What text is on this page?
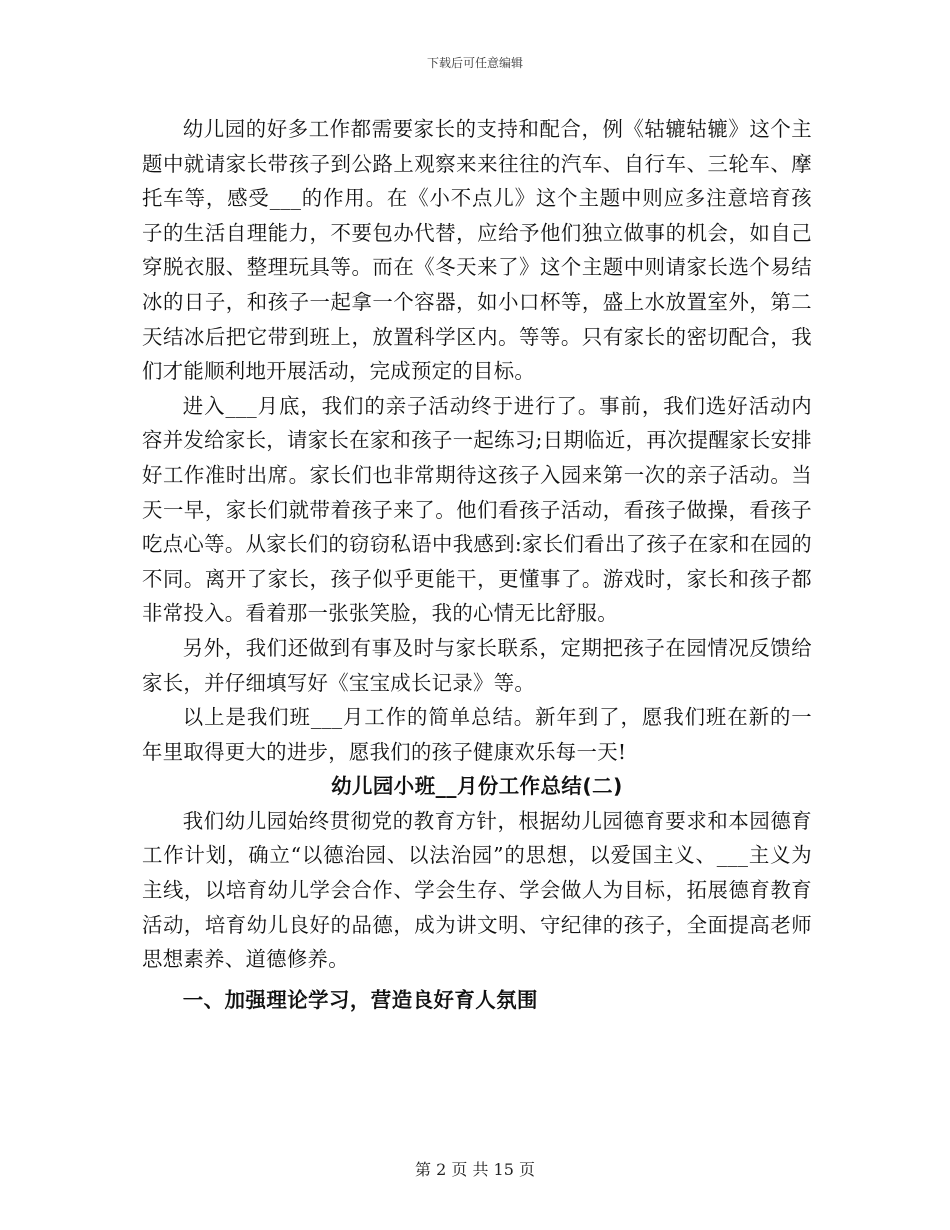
下载后可任意编辑

幼儿园的好多工作都需要家长的支持和配合，例《轱辘轱辘》这个主题中就请家长带孩子到公路上观察来来往往的汽车、自行车、三轮车、摩托车等，感受___的作用。在《小不点儿》这个主题中则应多注意培育孩子的生活自理能力，不要包办代替，应给予他们独立做事的机会，如自己穿脱衣服、整理玩具等。而在《冬天来了》这个主题中则请家长选个易结冰的日子，和孩子一起拿一个容器，如小口杯等，盛上水放置室外，第二天结冰后把它带到班上，放置科学区内。等等。只有家长的密切配合，我们才能顺利地开展活动，完成预定的目标。

进入___月底，我们的亲子活动终于进行了。事前，我们选好活动内容并发给家长，请家长在家和孩子一起练习;日期临近，再次提醒家长安排好工作准时出席。家长们也非常期待这孩子入园来第一次的亲子活动。当天一早，家长们就带着孩子来了。他们看孩子活动，看孩子做操，看孩子吃点心等。从家长们的窃窃私语中我感到:家长们看出了孩子在家和在园的不同。离开了家长，孩子似乎更能干，更懂事了。游戏时，家长和孩子都非常投入。看着那一张张笑脸，我的心情无比舒服。

另外，我们还做到有事及时与家长联系，定期把孩子在园情况反馈给家长，并仔细填写好《宝宝成长记录》等。

以上是我们班___月工作的简单总结。新年到了，愿我们班在新的一年里取得更大的进步，愿我们的孩子健康欢乐每一天!

幼儿园小班__月份工作总结(二)

我们幼儿园始终贯彻党的教育方针，根据幼儿园德育要求和本园德育工作计划，确立“以德治园、以法治园”的思想，以爱国主义、___主义为主线，以培育幼儿学会合作、学会生存、学会做人为目标，拓展德育教育活动，培育幼儿良好的品德，成为讲文明、守纪律的孩子，全面提高老师思想素养、道德修养。

一、加强理论学习，营造良好育人氛围

第 2 页 共 15 页
